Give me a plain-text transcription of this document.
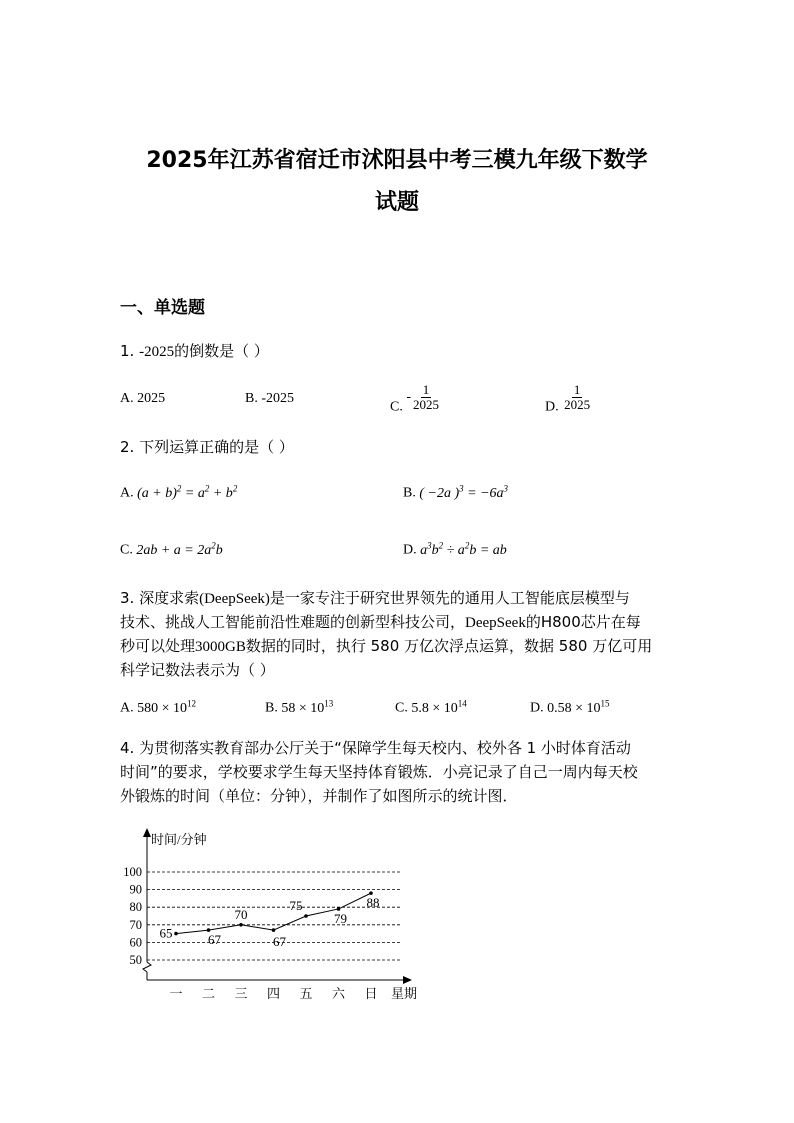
2025年江苏省宿迁市沭阳县中考三模九年级下数学
试题
一、单选题
1. -2025的倒数是（ ）
A. 2025	B. -2025
C. - $\frac{1}{2025}$	D. $\frac{1}{2025}$
2. 下列运算正确的是（ ）
A. $(a + b)^2 = a^2 + b^2$	B. ( −2a )$^3 = -6a^3$
C. $2ab + a = 2a^2b$	D. $a^3b^2 \div a^2b$ = ab
3. 深度求索(DeepSeek)是一家专注于研究世界领先的通用人工智能底层模型与
技术、挑战人工智能前沿性难题的创新型科技公司，DeepSeek的H800芯片在每
秒可以处理3000GB数据的同时，执行 580 万亿次浮点运算，数据 580 万亿可用
科学记数法表示为（ ）
A. $580 \times 10^{12}$	B. $58 \times 10^{13}$	C. $5.8 \times 10^{14}$	D. $0.58 \times 10^{15}$
4. 为贯彻落实教育部办公厅关于“保障学生每天校内、校外各 1 小时体育活动
时间”的要求，学校要求学生每天坚持体育锻炼．小亮记录了自己一周内每天校
外锻炼的时间（单位：分钟），并制作了如图所示的统计图．
时间/分钟
星期
50
60
70
80
90
100
一 二 三 四 五 六 日
65	67
70
67
75
79
88
